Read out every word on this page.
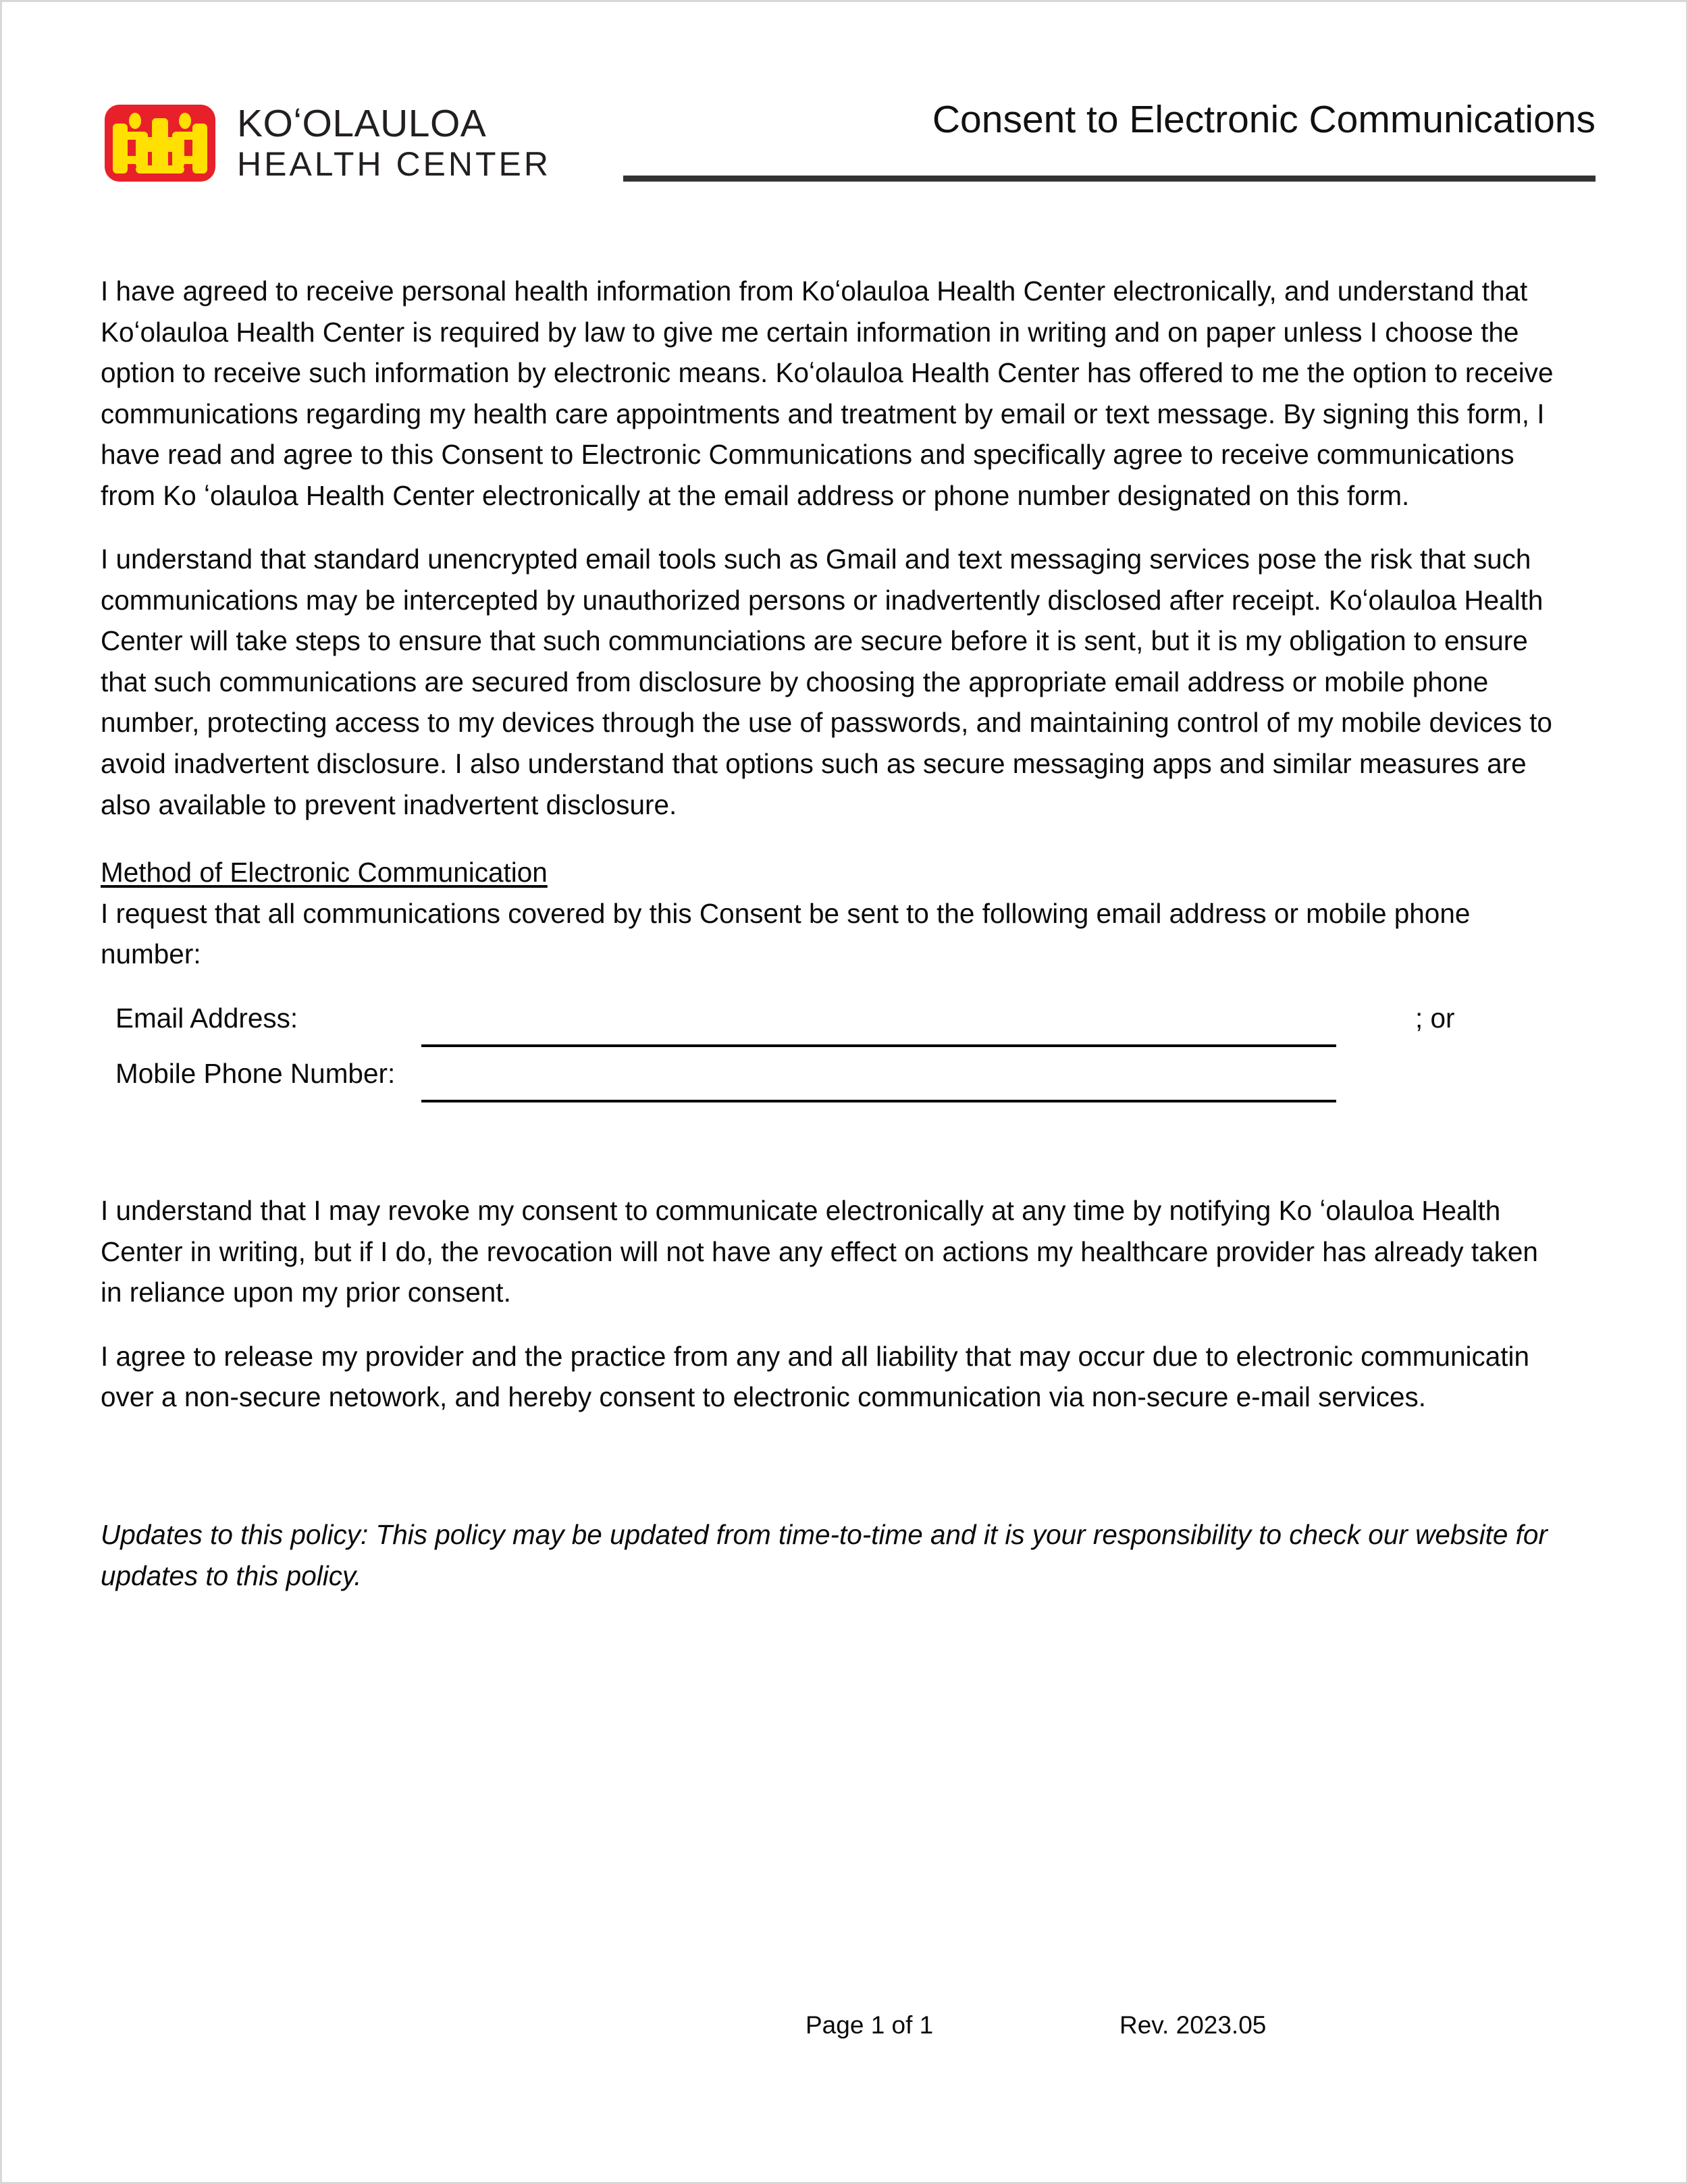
KOʻOLAULOA
HEALTH CENTER
Consent to Electronic Communications

I have agreed to receive personal health information from Koʻolauloa Health Center electronically, and understand that Koʻolauloa Health Center is required by law to give me certain information in writing and on paper unless I choose the option to receive such information by electronic means. Koʻolauloa Health Center has offered to me the option to receive communications regarding my health care appointments and treatment by email or text message. By signing this form, I have read and agree to this Consent to Electronic Communications and specifically agree to receive communications from Ko ʻolauloa Health Center electronically at the email address or phone number designated on this form.

I understand that standard unencrypted email tools such as Gmail and text messaging services pose the risk that such communications may be intercepted by unauthorized persons or inadvertently disclosed after receipt. Koʻolauloa Health Center will take steps to ensure that such communciations are secure before it is sent, but it is my obligation to ensure that such communications are secured from disclosure by choosing the appropriate email address or mobile phone number, protecting access to my devices through the use of passwords, and maintaining control of my mobile devices to avoid inadvertent disclosure. I also understand that options such as secure messaging apps and similar measures are also available to prevent inadvertent disclosure.

Method of Electronic Communication

I request that all communications covered by this Consent be sent to the following email address or mobile phone number:

Email Address:	; or
Mobile Phone Number:

I understand that I may revoke my consent to communicate electronically at any time by notifying Ko ʻolauloa Health Center in writing, but if I do, the revocation will not have any effect on actions my healthcare provider has already taken in reliance upon my prior consent.

I agree to release my provider and the practice from any and all liability that may occur due to electronic communicatin over a non-secure netowork, and hereby consent to electronic communication via non-secure e-mail services.

Updates to this policy: This policy may be updated from time-to-time and it is your responsibility to check our website for updates to this policy.

Page 1 of 1	Rev. 2023.05
